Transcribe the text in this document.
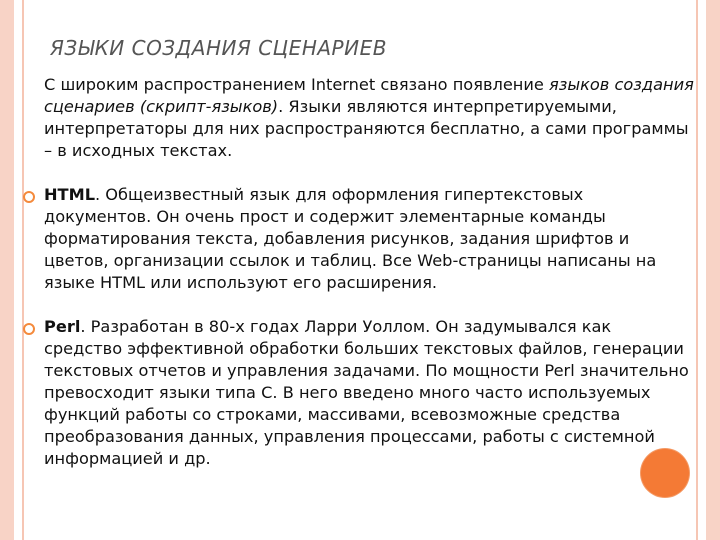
ЯЗЫКИ СОЗДАНИЯ СЦЕНАРИЕВ

С широким распространением Internet связано появление языков создания сценариев (скрипт-языков). Языки являются интерпретируемыми, интерпретаторы для них распространяются бесплатно, а сами программы – в исходных текстах.

HTML. Общеизвестный язык для оформления гипертекстовых документов. Он очень прост и содержит элементарные команды форматирования текста, добавления рисунков, задания шрифтов и цветов, организации ссылок и таблиц. Все Web-страницы написаны на языке HTML или используют его расширения.
Perl. Разработан в 80-х годах Ларри Уоллом. Он задумывался как средство эффективной обработки больших текстовых файлов, генерации текстовых отчетов и управления задачами. По мощности Perl значительно превосходит языки типа С. В него введено много часто используемых функций работы со строками, массивами, всевозможные средства преобразования данных, управления процессами, работы с системной информацией и др.
